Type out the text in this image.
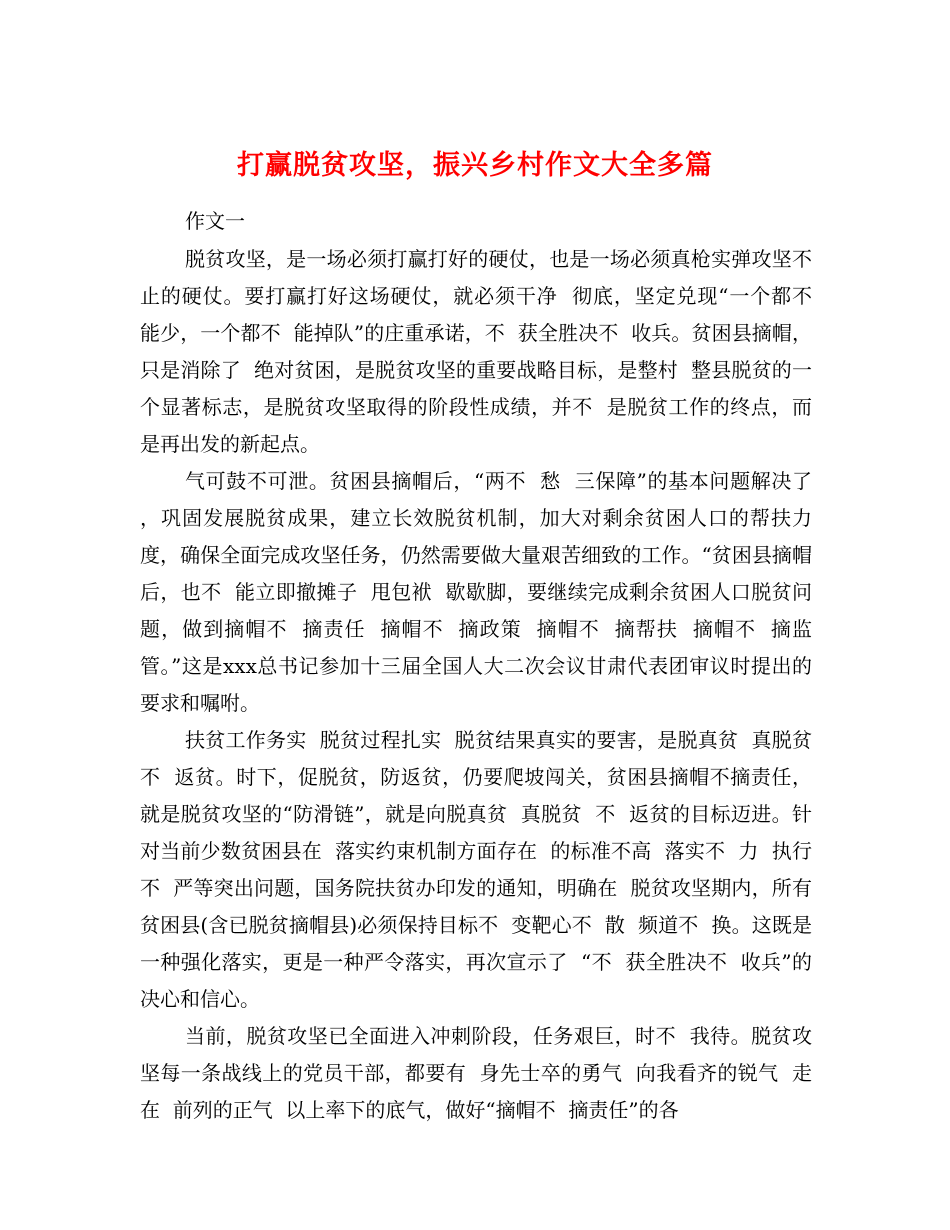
打赢脱贫攻坚，振兴乡村作文大全多篇

作文一

脱贫攻坚，是一场必须打赢打好的硬仗，也是一场必须真枪实弹攻坚不  止的硬仗。要打赢打好这场硬仗，就必须干净  彻底，坚定兑现“一个都不  能少，一个都不  能掉队”的庄重承诺，不  获全胜决不  收兵。贫困县摘帽，只是消除了  绝对贫困，是脱贫攻坚的重要战略目标，是整村  整县脱贫的一个显著标志，是脱贫攻坚取得的阶段性成绩，并不  是脱贫工作的终点，而是再出发的新起点。

气可鼓不可泄。贫困县摘帽后，“两不  愁  三保障”的基本问题解决了  ，巩固发展脱贫成果，建立长效脱贫机制，加大对剩余贫困人口的帮扶力度，确保全面完成攻坚任务，仍然需要做大量艰苦细致的工作。“贫困县摘帽后，也不  能立即撤摊子  甩包袱  歇歇脚，要继续完成剩余贫困人口脱贫问题，做到摘帽不  摘责任  摘帽不  摘政策  摘帽不  摘帮扶  摘帽不  摘监管。”这是xxx总书记参加十三届全国人大二次会议甘肃代表团审议时提出的要求和嘱咐。

扶贫工作务实  脱贫过程扎实  脱贫结果真实的要害，是脱真贫  真脱贫  不  返贫。时下，促脱贫，防返贫，仍要爬坡闯关，贫困县摘帽不摘责任，就是脱贫攻坚的“防滑链”，就是向脱真贫  真脱贫  不  返贫的目标迈进。针对当前少数贫困县在  落实约束机制方面存在  的标准不高  落实不  力  执行不  严等突出问题，国务院扶贫办印发的通知，明确在  脱贫攻坚期内，所有  贫困县(含已脱贫摘帽县)必须保持目标不  变靶心不  散  频道不  换。这既是一种强化落实，更是一种严令落实，再次宣示了  “不  获全胜决不  收兵”的决心和信心。

当前，脱贫攻坚已全面进入冲刺阶段，任务艰巨，时不  我待。脱贫攻坚每一条战线上的党员干部，都要有  身先士卒的勇气  向我看齐的锐气  走在  前列的正气  以上率下的底气，做好“摘帽不  摘责任”的各
